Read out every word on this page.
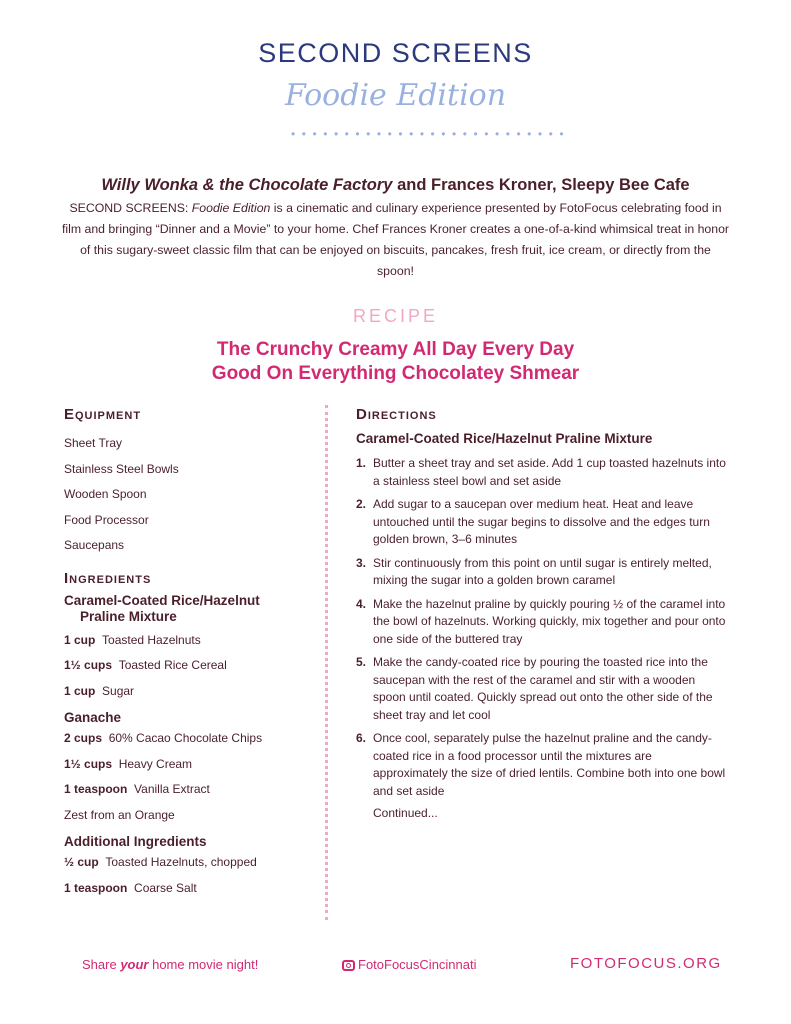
SECOND SCREENS
Foodie Edition
• • • • • • • • • • • • • • • • • • • • • • • • • •
Willy Wonka & the Chocolate Factory and Frances Kroner, Sleepy Bee Cafe
SECOND SCREENS: Foodie Edition is a cinematic and culinary experience presented by FotoFocus celebrating food in film and bringing “Dinner and a Movie” to your home. Chef Frances Kroner creates a one-of-a-kind whimsical treat in honor of this sugary-sweet classic film that can be enjoyed on biscuits, pancakes, fresh fruit, ice cream, or directly from the spoon!
RECIPE
The Crunchy Creamy All Day Every Day
Good On Everything Chocolatey Shmear
Equipment
Sheet Tray
Stainless Steel Bowls
Wooden Spoon
Food Processor
Saucepans
Ingredients
Caramel-Coated Rice/Hazelnut
Praline Mixture
1 cup Toasted Hazelnuts
1½ cups Toasted Rice Cereal
1 cup Sugar
Ganache
2 cups 60% Cacao Chocolate Chips
1½ cups Heavy Cream
1 teaspoon Vanilla Extract
Zest from an Orange
Additional Ingredients
½ cup Toasted Hazelnuts, chopped
1 teaspoon Coarse Salt
Directions
Caramel-Coated Rice/Hazelnut Praline Mixture
1. Butter a sheet tray and set aside. Add 1 cup toasted hazelnuts into a stainless steel bowl and set aside
2. Add sugar to a saucepan over medium heat. Heat and leave untouched until the sugar begins to dissolve and the edges turn golden brown, 3–6 minutes
3. Stir continuously from this point on until sugar is entirely melted, mixing the sugar into a golden brown caramel
4. Make the hazelnut praline by quickly pouring ½ of the caramel into the bowl of hazelnuts. Working quickly, mix together and pour onto one side of the buttered tray
5. Make the candy-coated rice by pouring the toasted rice into the saucepan with the rest of the caramel and stir with a wooden spoon until coated. Quickly spread out onto the other side of the sheet tray and let cool
6. Once cool, separately pulse the hazelnut praline and the candy-coated rice in a food processor until the mixtures are approximately the size of dried lentils. Combine both into one bowl and set aside
Continued...
Share your home movie night!	FotoFocusCincinnati	FOTOFOCUS.ORG
